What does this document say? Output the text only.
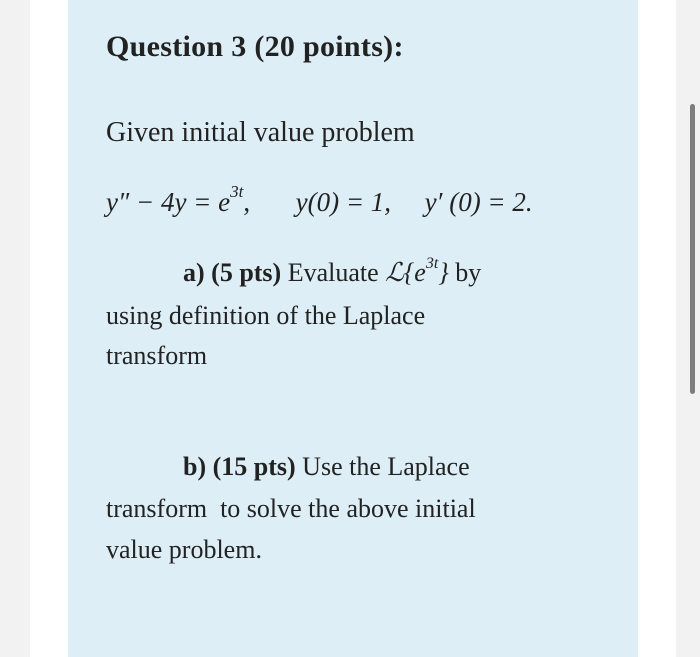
Question 3 (20 points):
Given initial value problem
$y'' - 4y = e^{3t}$, y(0) = 1, y′ (0) = 2.
a) (5 pts) Evaluate $ℒ\{e^{3t}\}$ by
using definition of the Laplace
transform
b) (15 pts) Use the Laplace
transform  to solve the above initial
value problem.
